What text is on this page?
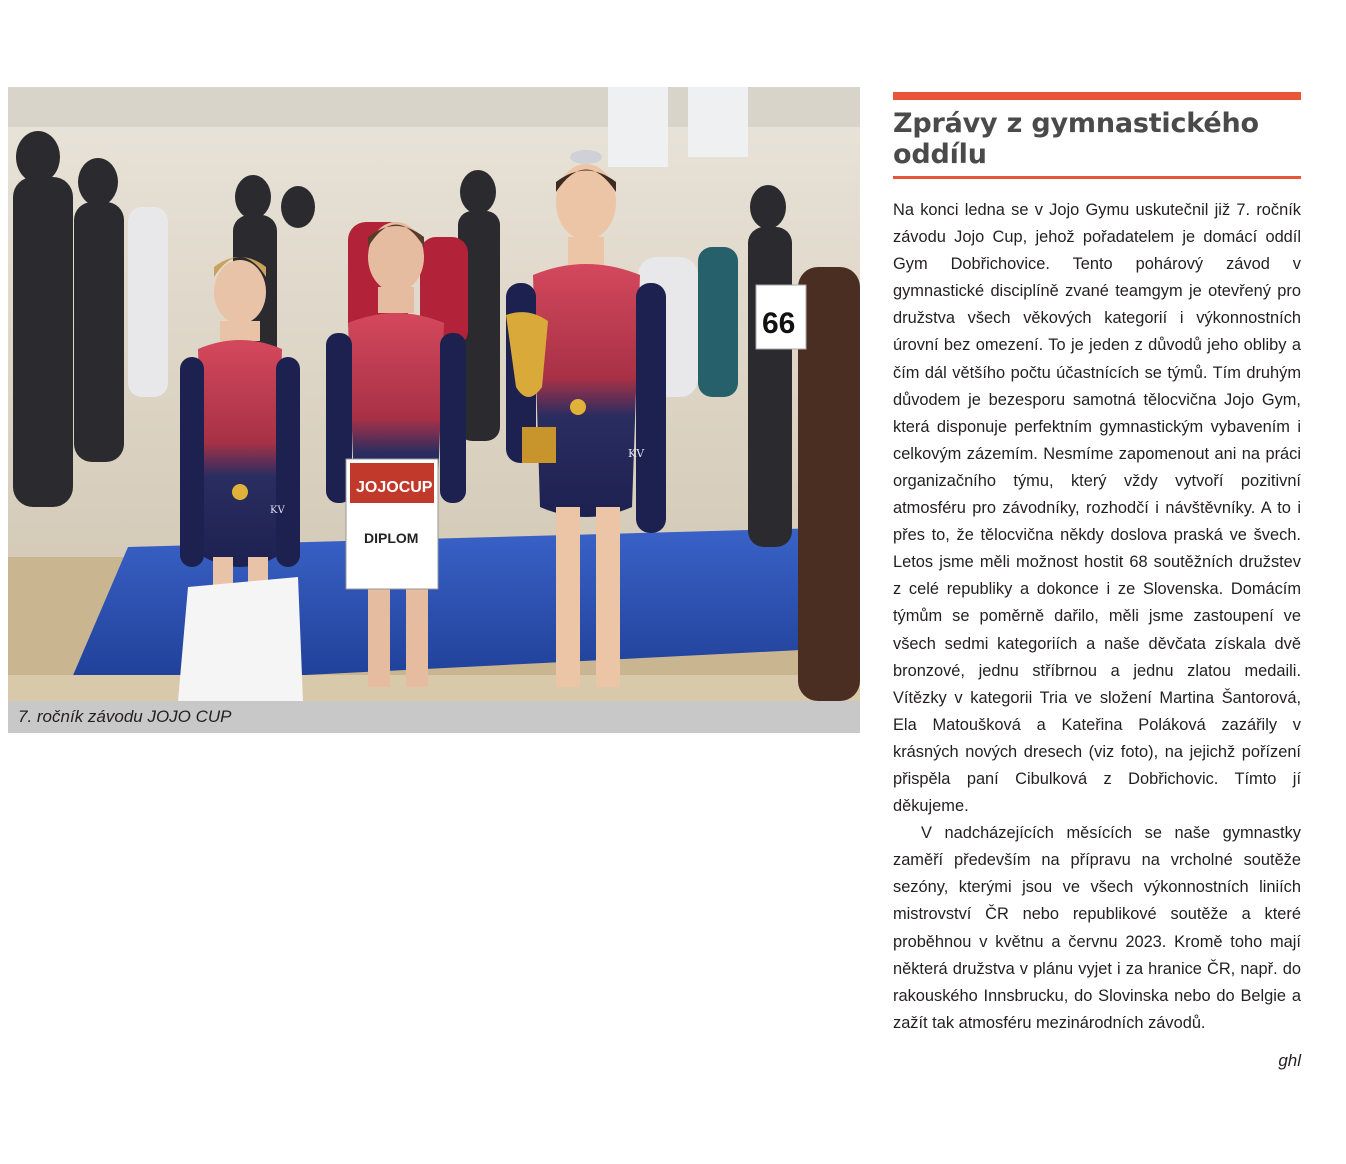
66
KV
JOJOCUP
DIPLOM
KV
7. ročník závodu JOJO CUP
Zprávy z gymnastického oddílu

Na konci ledna se v Jojo Gymu uskutečnil již 7. ročník závodu Jojo Cup, jehož pořadatelem je domácí oddíl Gym Dobřichovice. Tento pohárový závod v gymnastické disciplíně zvané teamgym je otevřený pro družstva všech věkových kategorií i výkonnostních úrovní bez omezení. To je jeden z důvodů jeho obliby a čím dál většího počtu účastnících se týmů. Tím druhým důvodem je bezesporu samotná tělocvična Jojo Gym, která disponuje perfektním gymnastickým vybavením i celkovým zázemím. Nesmíme zapomenout ani na práci organizačního týmu, který vždy vytvoří pozitivní atmosféru pro závodníky, rozhodčí i návštěvníky. A to i přes to, že tělocvična někdy doslova praská ve švech. Letos jsme měli možnost hostit 68 soutěžních družstev z celé republiky a dokonce i ze Slovenska. Domácím týmům se poměrně dařilo, měli jsme zastoupení ve všech sedmi kategoriích a naše děvčata získala dvě bronzové, jednu stříbrnou a jednu zlatou medaili. Vítězky v kategorii Tria ve složení Martina Šantorová, Ela Matoušková a Kateřina Poláková zazářily v krásných nových dresech (viz foto), na jejichž pořízení přispěla paní Cibulková z Dobřichovic. Tímto jí děkujeme.

V nadcházejících měsících se naše gymnastky zaměří především na přípravu na vrcholné soutěže sezóny, kterými jsou ve všech výkonnostních liniích mistrovství ČR nebo republikové soutěže a které proběhnou v květnu a červnu 2023. Kromě toho mají některá družstva v plánu vyjet i za hranice ČR, např. do rakouského Innsbrucku, do Slovinska nebo do Belgie a zažít tak atmosféru mezinárodních závodů.

ghl
